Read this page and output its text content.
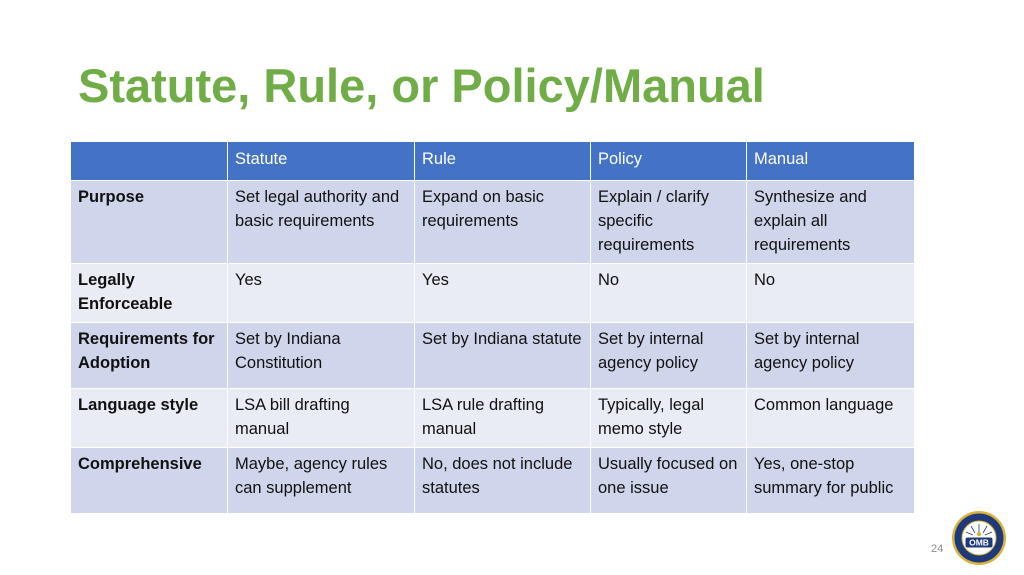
Statute, Rule, or Policy/Manual
	Statute	Rule	Policy	Manual
Purpose	Set legal authority and basic requirements	Expand on basic requirements	Explain / clarify specific requirements	Synthesize and explain all requirements
Legally Enforceable	Yes	Yes	No	No
Requirements for Adoption	Set by Indiana Constitution	Set by Indiana statute	Set by internal agency policy	Set by internal agency policy
Language style	LSA bill drafting manual	LSA rule drafting manual	Typically, legal memo style	Common language
Comprehensive	Maybe, agency rules can supplement	No, does not include statutes	Usually focused on one issue	Yes, one-stop summary for public
24
OMB
